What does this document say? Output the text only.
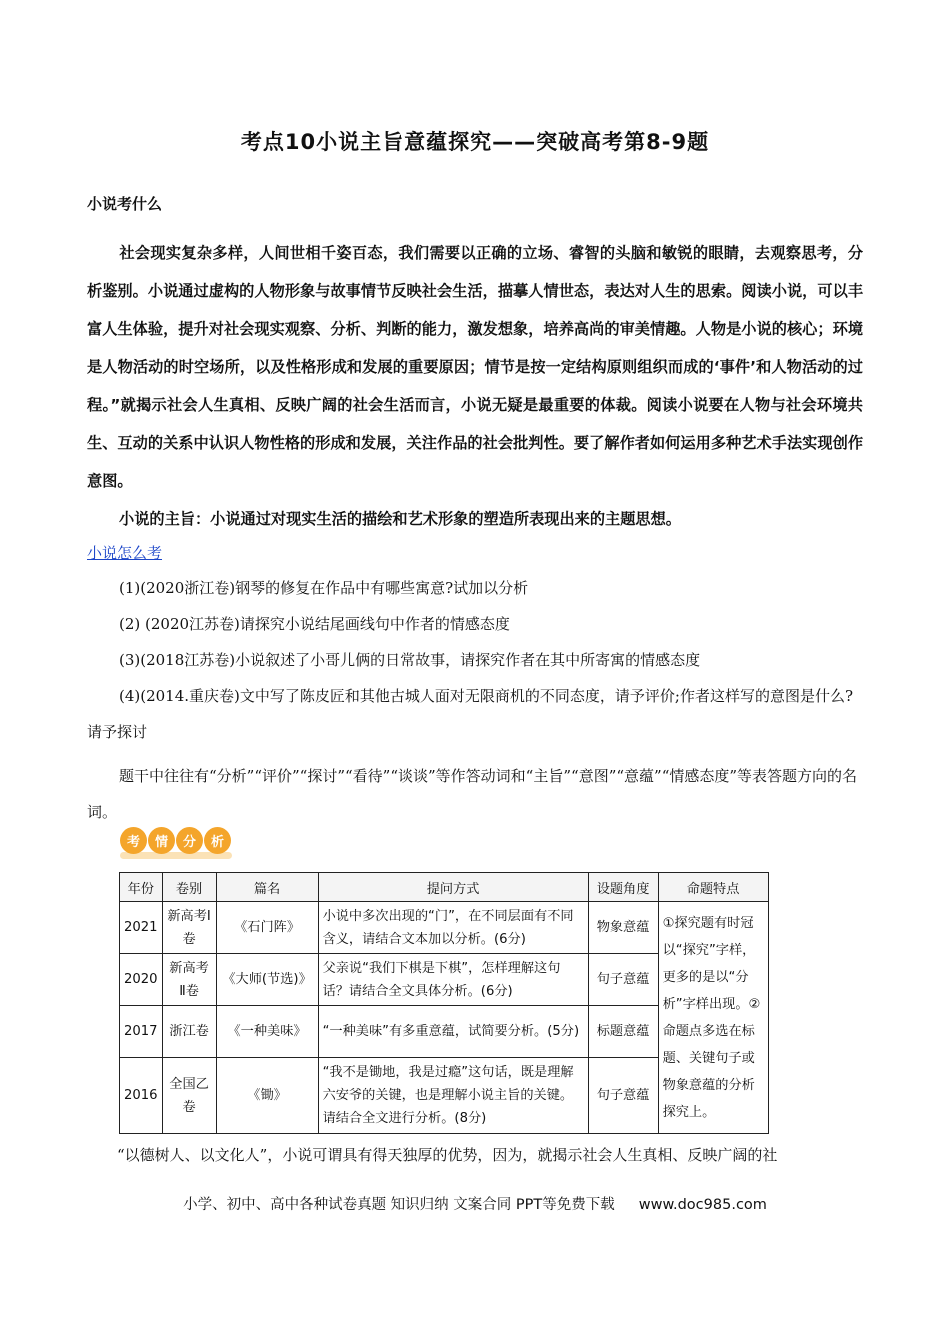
考点10小说主旨意蕴探究——突破高考第8-9题
小说考什么
社会现实复杂多样，人间世相千姿百态，我们需要以正确的立场、睿智的头脑和敏锐的眼睛，去观察思考，分析鉴别。小说通过虚构的人物形象与故事情节反映社会生活，描摹人情世态，表达对人生的思索。阅读小说，可以丰富人生体验，提升对社会现实观察、分析、判断的能力，激发想象，培养高尚的审美情趣。人物是小说的核心；环境是人物活动的时空场所，以及性格形成和发展的重要原因；情节是按一定结构原则组织而成的‘事件’和人物活动的过程。”就揭示社会人生真相、反映广阔的社会生活而言，小说无疑是最重要的体裁。阅读小说要在人物与社会环境共生、互动的关系中认识人物性格的形成和发展，关注作品的社会批判性。要了解作者如何运用多种艺术手法实现创作意图。
小说的主旨：小说通过对现实生活的描绘和艺术形象的塑造所表现出来的主题思想。
小说怎么考
(1)(2020浙江卷)钢琴的修复在作品中有哪些寓意?试加以分析
(2) (2020江苏卷)请探究小说结尾画线句中作者的情感态度
(3)(2018江苏卷)小说叙述了小哥儿俩的日常故事，请探究作者在其中所寄寓的情感态度
(4)(2014.重庆卷)文中写了陈皮匠和其他古城人面对无限商机的不同态度，请予评价;作者这样写的意图是什么?请予探讨
题干中往往有“分析”“评价”“探讨”“看待”“谈谈”等作答动词和“主旨”“意图”“意蕴”“情感态度”等表答题方向的名词。
考	情	分	析
年份	卷别	篇名	提问方式	设题角度	命题特点
2021	新高考Ⅰ卷	《石门阵》	小说中多次出现的“门”，在不同层面有不同含义，请结合文本加以分析。(6分)	物象意蕴	①探究题有时冠以“探究”字样，更多的是以“分析”字样出现。②命题点多选在标题、关键句子或物象意蕴的分析探究上。
2020	新高考Ⅱ卷	《大师(节选)》	父亲说“我们下棋是下棋”，怎样理解这句话？请结合全文具体分析。(6分)	句子意蕴	
2017	浙江卷	《一种美味》	“一种美味”有多重意蕴，试简要分析。(5分)	标题意蕴	
2016	全国乙卷	《锄》	“我不是锄地，我是过瘾”这句话，既是理解六安爷的关键，也是理解小说主旨的关键。请结合全文进行分析。(8分)	句子意蕴	
“以德树人、以文化人”，小说可谓具有得天独厚的优势，因为，就揭示社会人生真相、反映广阔的社
小学、初中、高中各种试卷真题 知识归纳 文案合同 PPT等免费下载 www.doc985.com
